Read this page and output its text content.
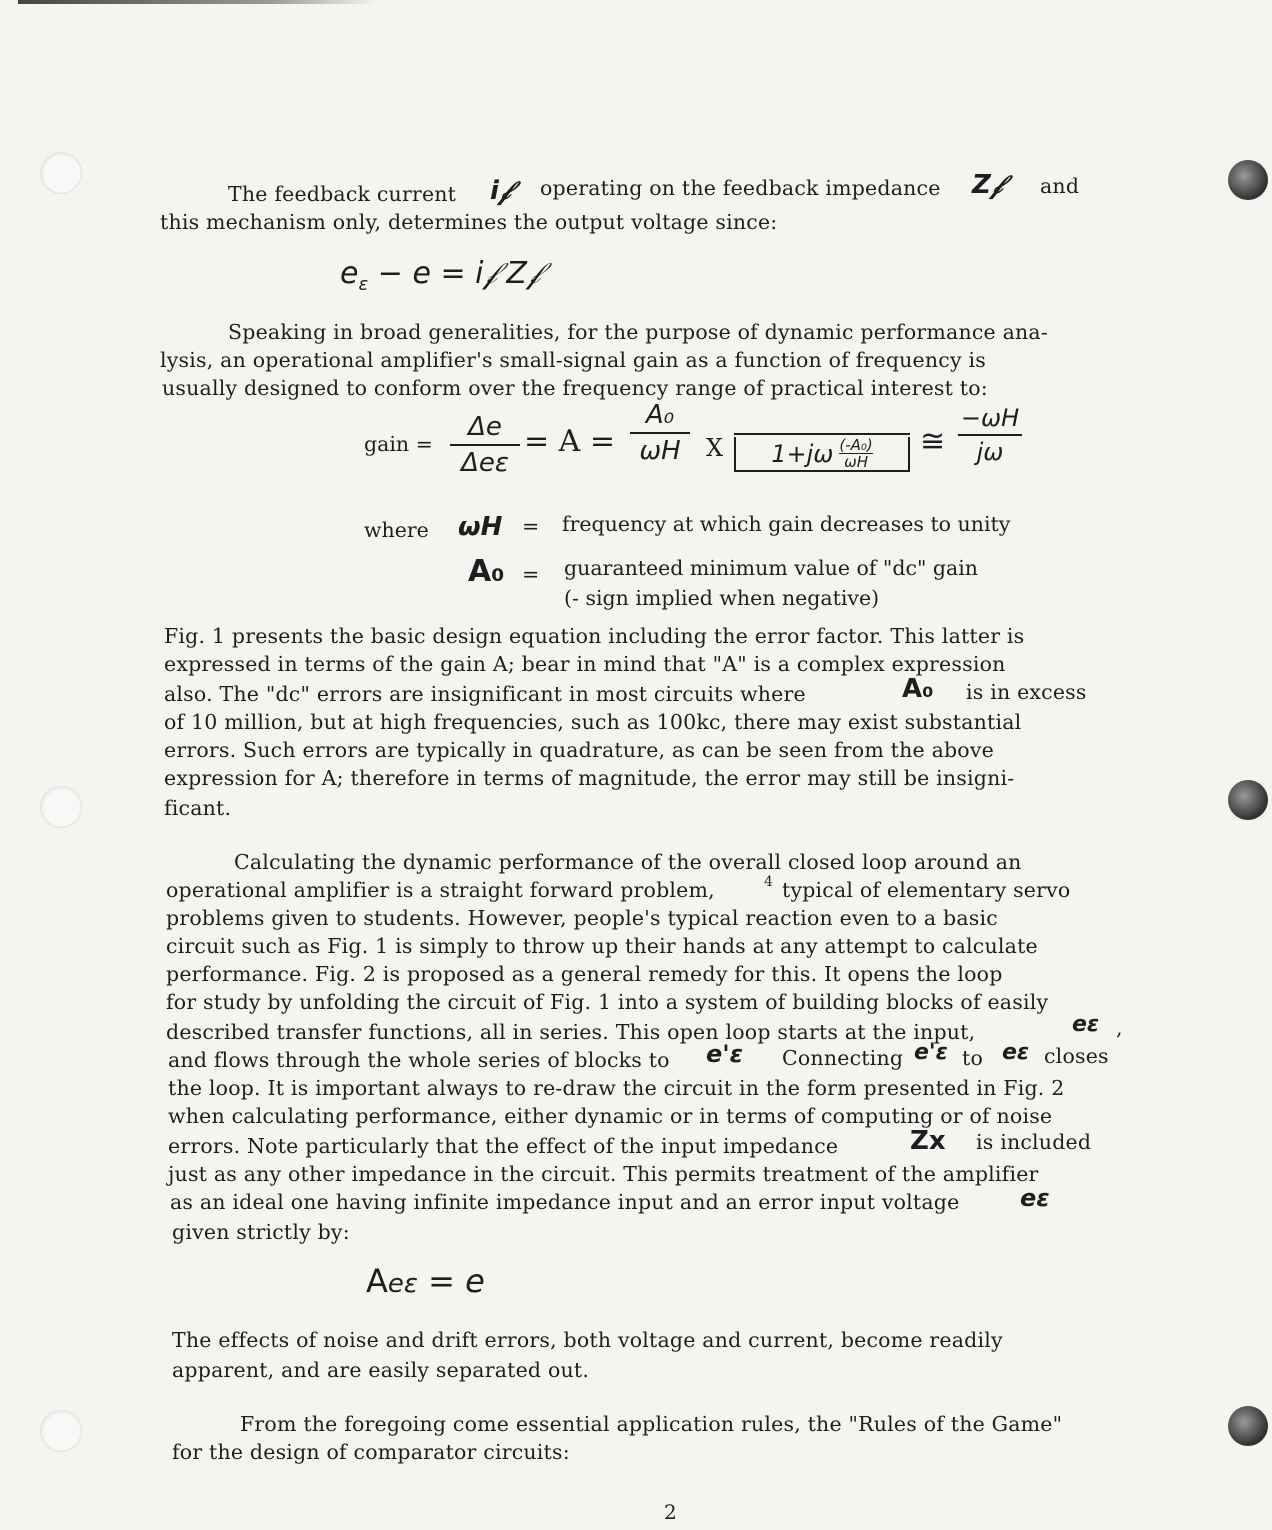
The feedback current i𝒻 operating on the feedback impedance Z𝒻 and
this mechanism only, determines the output voltage since:
$e_\varepsilon - e$ = i𝒻 Z𝒻
Speaking in broad generalities, for the purpose of dynamic performance ana-
lysis, an operational amplifier's small-signal gain as a function of frequency is
usually designed to conform over the frequency range of practical interest to:
gain =
Δe
Δeε
= A =
A₀
ωH	X $1+j\omega \frac{\text{(-A₀)}}{\omega H}$ ≅
−ωH
jω
where ωH = frequency at which gain decreases to unity
A₀ = guaranteed minimum value of "dc" gain
(- sign implied when negative)
Fig. 1 presents the basic design equation including the error factor. This latter is
expressed in terms of the gain A; bear in mind that "A" is a complex expression
also. The "dc" errors are insignificant in most circuits where	A₀ is in excess
of 10 million, but at high frequencies, such as 100kc, there may exist substantial
errors. Such errors are typically in quadrature, as can be seen from the above
expression for A; therefore in terms of magnitude, the error may still be insigni-
ficant.
Calculating the dynamic performance of the overall closed loop around an
operational amplifier is a straight forward problem,	4 typical of elementary servo
problems given to students. However, people's typical reaction even to a basic
circuit such as Fig. 1 is simply to throw up their hands at any attempt to calculate
performance. Fig. 2 is proposed as a general remedy for this. It opens the loop
for study by unfolding the circuit of Fig. 1 into a system of building blocks of easily
described transfer functions, all in series. This open loop starts at the input,	eε ,
and flows through the whole series of blocks to e'ε Connecting e'ε to eε closes
the loop. It is important always to re-draw the circuit in the form presented in Fig. 2
when calculating performance, either dynamic or in terms of computing or of noise
errors. Note particularly that the effect of the input impedance	Zx is included
just as any other impedance in the circuit. This permits treatment of the amplifier
as an ideal one having infinite impedance input and an error input voltage	eε
given strictly by:
Aeε = e
The effects of noise and drift errors, both voltage and current, become readily
apparent, and are easily separated out.
From the foregoing come essential application rules, the "Rules of the Game"
for the design of comparator circuits:
2
